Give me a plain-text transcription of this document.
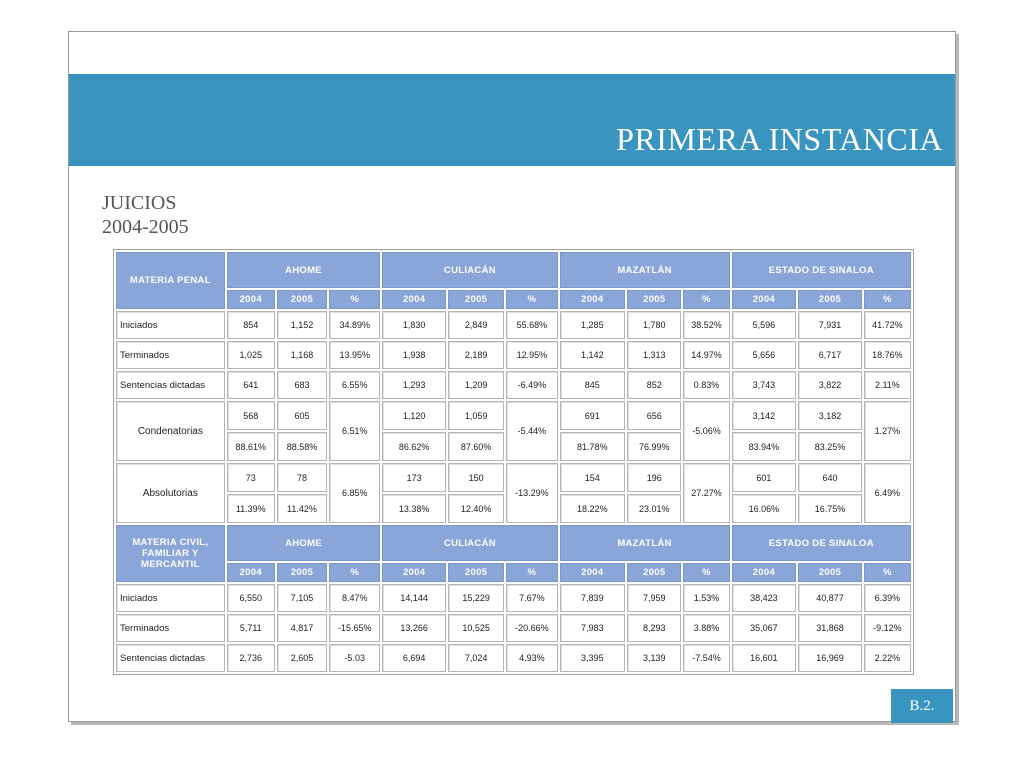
PRIMERA INSTANCIA
JUICIOS
2004-2005
MATERIA PENAL	AHOME			CULIACÁN			MAZATLÁN			ESTADO DE SINALOA		
	2004	2005	%	2004	2005	%	2004	2005	%	2004	2005	%
Iniciados	854	1,152	34.89%	1,830	2,849	55.68%	1,285	1,780	38.52%	5,596	7,931	41.72%
Terminados	1,025	1,168	13.95%	1,938	2,189	12.95%	1,142	1,313	14.97%	5,656	6,717	18.76%
Sentencias dictadas	641	683	6.55%	1,293	1,209	-6.49%	845	852	0.83%	3,743	3,822	2.11%
Condenatorias	568	605	6.51%	1,120	1,059	-5.44%	691	656	-5.06%	3,142	3,182	1.27%
	88.61%	88.58%		86.62%	87.60%		81.78%	76.99%		83.94%	83.25%	
Absolutorias	73	78	6.85%	173	150	-13.29%	154	196	27.27%	601	640	6.49%
	11.39%	11.42%		13.38%	12.40%		18.22%	23.01%		16.06%	16.75%	
MATERIA CIVIL, FAMILIAR Y MERCANTIL	AHOME			CULIACÁN			MAZATLÁN			ESTADO DE SINALOA		
	2004	2005	%	2004	2005	%	2004	2005	%	2004	2005	%
Iniciados	6,550	7,105	8.47%	14,144	15,229	7.67%	7,839	7,959	1.53%	38,423	40,877	6.39%
Terminados	5,711	4,817	-15.65%	13,266	10,525	-20.66%	7,983	8,293	3.88%	35,067	31,868	-9.12%
Sentencias dictadas	2,736	2,605	-5.03	6,694	7,024	4.93%	3,395	3,139	-7.54%	16,601	16,969	2.22%
B.2.
